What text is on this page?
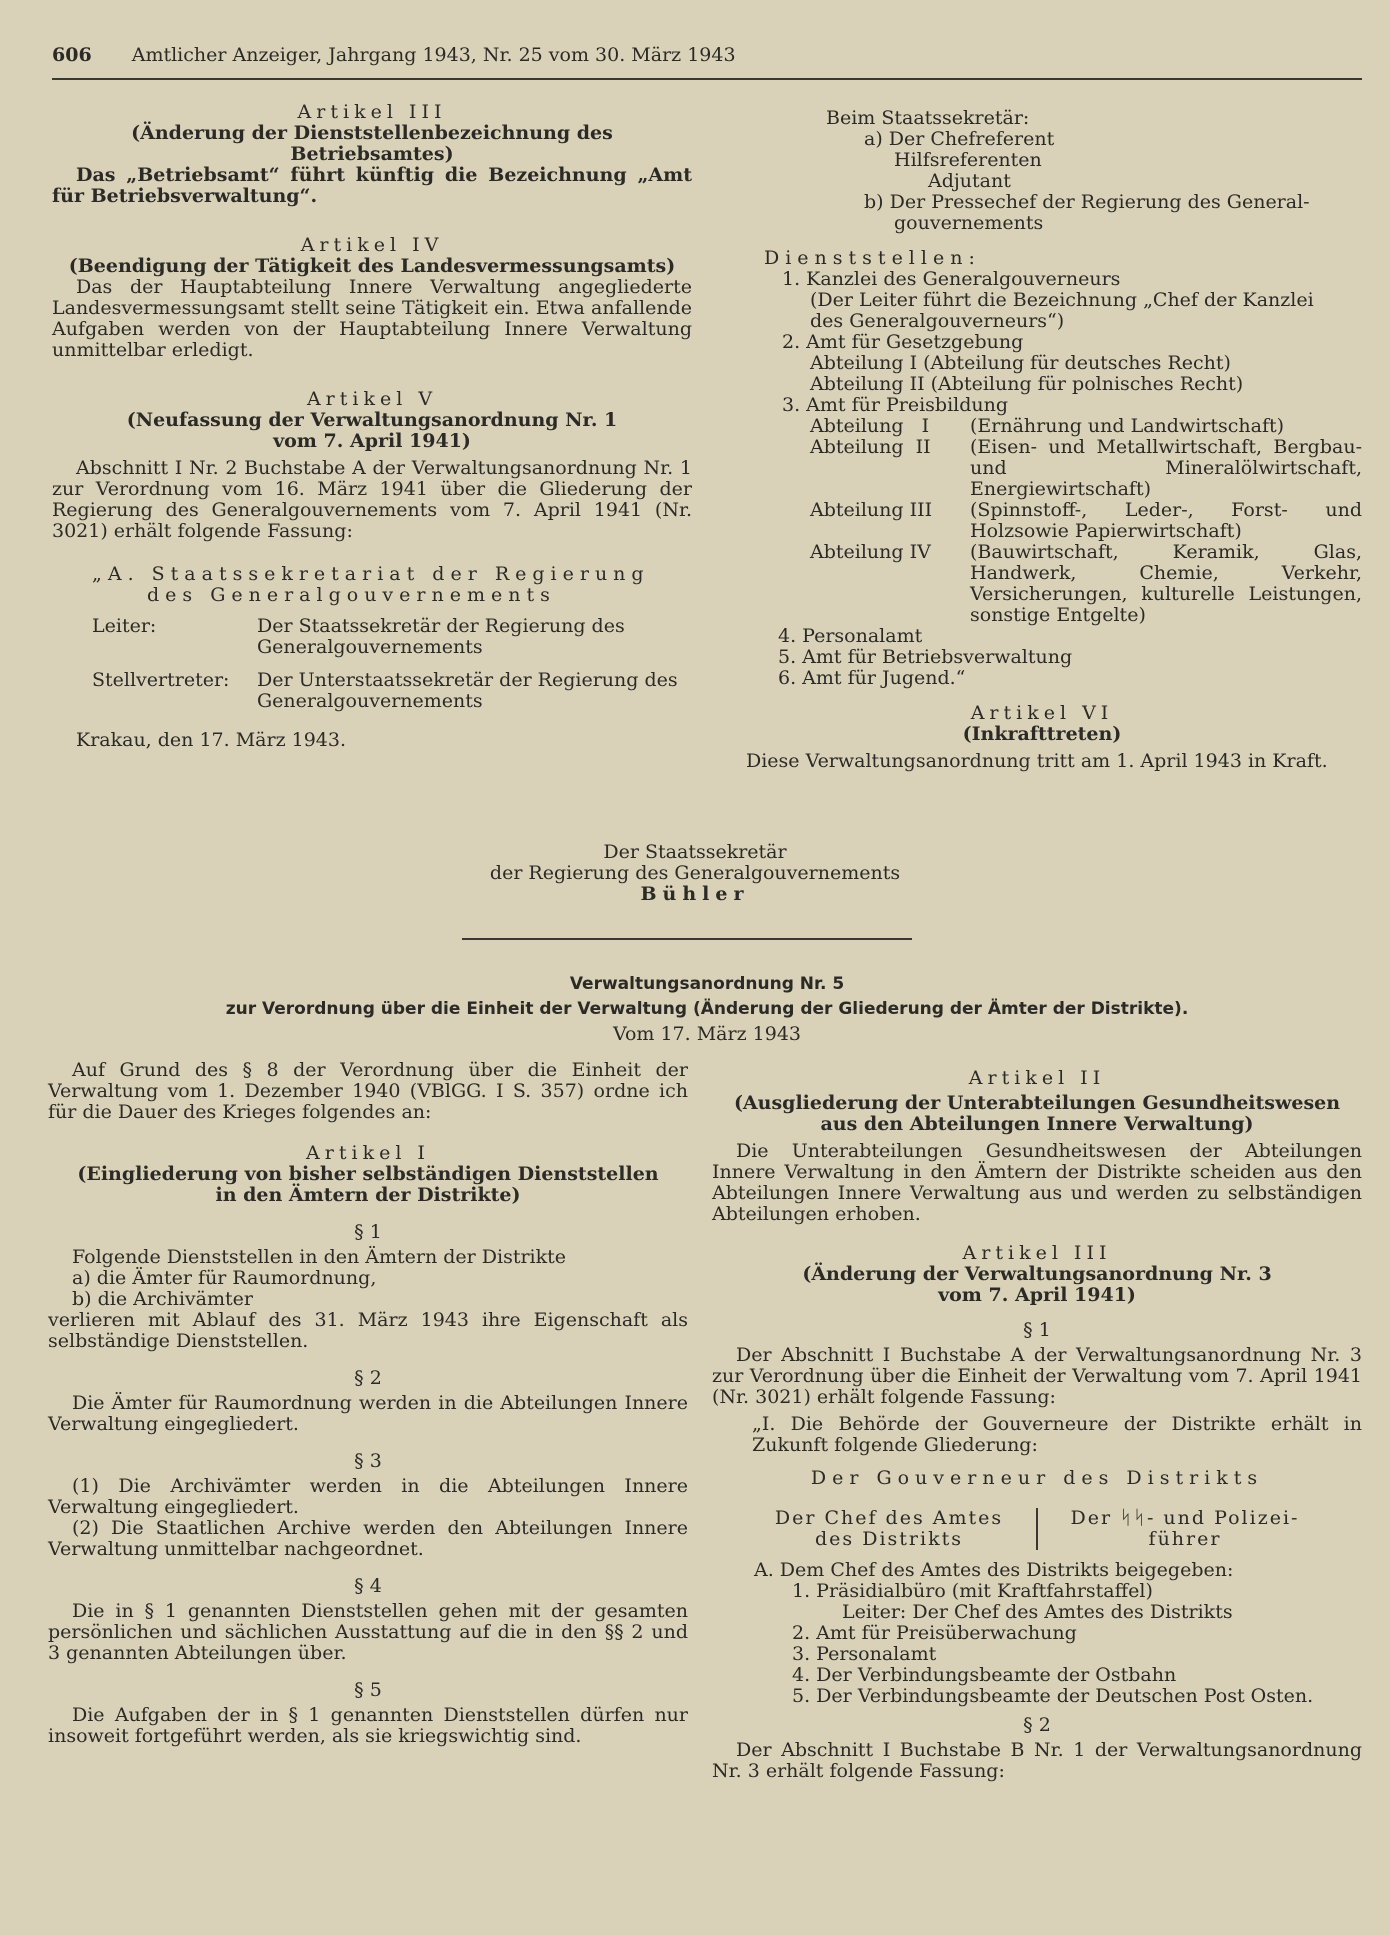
606 Amtlicher Anzeiger, Jahrgang 1943, Nr. 25 vom 30. März 1943

Artikel III

(Änderung der Dienststellenbezeichnung des Betriebsamtes)

Das „Betriebsamt“ führt künftig die Bezeichnung „Amt für Betriebsverwaltung“.

Artikel IV

(Beendigung der Tätigkeit des Landesvermessungsamts)

Das der Hauptabteilung Innere Verwaltung angegliederte Landesvermessungsamt stellt seine Tätigkeit ein. Etwa anfallende Aufgaben werden von der Hauptabteilung Innere Verwaltung unmittelbar erledigt.

Artikel V

(Neufassung der Verwaltungsanordnung Nr. 1

vom 7. April 1941)

Abschnitt I Nr. 2 Buchstabe A der Verwaltungsanordnung Nr. 1 zur Verordnung vom 16. März 1941 über die Gliederung der Regierung des Generalgouvernements vom 7. April 1941 (Nr. 3021) erhält folgende Fassung:

„A. Staatssekretariat der Regierung

des Generalgouvernements

Leiter:	Der Staatssekretär der Regierung des Generalgouvernements
Stellvertreter:	Der Unterstaatssekretär der Regierung des Generalgouvernements

Krakau, den 17. März 1943.

Beim Staatssekretär:

a) Der Chefreferent

Hilfsreferenten

Adjutant

b) Der Pressechef der Regierung des General-

gouvernements

Dienststellen:

1. Kanzlei des Generalgouverneurs

(Der Leiter führt die Bezeichnung „Chef der Kanzlei

des Generalgouverneurs“)

2. Amt für Gesetzgebung

Abteilung I (Abteilung für deutsches Recht)

Abteilung II (Abteilung für polnisches Recht)

3. Amt für Preisbildung

Abteilung   I	(Ernährung und Landwirtschaft)
Abteilung  II	(Eisen- und Metallwirtschaft, Bergbau- und Mineralölwirtschaft, Energiewirtschaft)
Abteilung III	(Spinnstoff-, Leder-, Forst- und Holzsowie Papierwirtschaft)
Abteilung IV	(Bauwirtschaft, Keramik, Glas, Handwerk, Chemie, Verkehr, Versicherungen, kulturelle Leistungen, sonstige Entgelte)

4. Personalamt

5. Amt für Betriebsverwaltung

6. Amt für Jugend.“

Artikel VI

(Inkrafttreten)

Diese Verwaltungsanordnung tritt am 1. April 1943 in Kraft.

Der Staatssekretär

der Regierung des Generalgouvernements

Bühler

Verwaltungsanordnung Nr. 5

zur Verordnung über die Einheit der Verwaltung (Änderung der Gliederung der Ämter der Distrikte).

Vom 17. März 1943

Auf Grund des § 8 der Verordnung über die Einheit der Verwaltung vom 1. Dezember 1940 (VBlGG. I S. 357) ordne ich für die Dauer des Krieges folgendes an:

Artikel I

(Eingliederung von bisher selbständigen Dienststellen

in den Ämtern der Distrikte)

§ 1

Folgende Dienststellen in den Ämtern der Distrikte

a) die Ämter für Raumordnung,

b) die Archivämter

verlieren mit Ablauf des 31. März 1943 ihre Eigenschaft als selbständige Dienststellen.

§ 2

Die Ämter für Raumordnung werden in die Abteilungen Innere Verwaltung eingegliedert.

§ 3

(1) Die Archivämter werden in die Abteilungen Innere Verwaltung eingegliedert.

(2) Die Staatlichen Archive werden den Abteilungen Innere Verwaltung unmittelbar nachgeordnet.

§ 4

Die in § 1 genannten Dienststellen gehen mit der gesamten persönlichen und sächlichen Ausstattung auf die in den §§ 2 und 3 genannten Abteilungen über.

§ 5

Die Aufgaben der in § 1 genannten Dienststellen dürfen nur insoweit fortgeführt werden, als sie kriegswichtig sind.

Artikel II

(Ausgliederung der Unterabteilungen Gesundheitswesen

aus den Abteilungen Innere Verwaltung)

Die Unterabteilungen Gesundheitswesen der Abteilungen Innere Verwaltung in den Ämtern der Distrikte scheiden aus den Abteilungen Innere Verwaltung aus und werden zu selbständigen Abteilungen erhoben.

Artikel III

(Änderung der Verwaltungsanordnung Nr. 3

vom 7. April 1941)

§ 1

Der Abschnitt I Buchstabe A der Verwaltungsanordnung Nr. 3 zur Verordnung über die Einheit der Verwaltung vom 7. April 1941 (Nr. 3021) erhält folgende Fassung:

„I. Die Behörde der Gouverneure der Distrikte erhält in Zukunft folgende Gliederung:

Der Gouverneur des Distrikts

Der Chef des Amtes
des Distrikts
Der ᛋᛋ- und Polizei-
führer

A. Dem Chef des Amtes des Distrikts beigegeben:

1. Präsidialbüro (mit Kraftfahrstaffel)

Leiter: Der Chef des Amtes des Distrikts

2. Amt für Preisüberwachung

3. Personalamt

4. Der Verbindungsbeamte der Ostbahn

5. Der Verbindungsbeamte der Deutschen Post Osten.

§ 2

Der Abschnitt I Buchstabe B Nr. 1 der Verwaltungsanordnung Nr. 3 erhält folgende Fassung:
